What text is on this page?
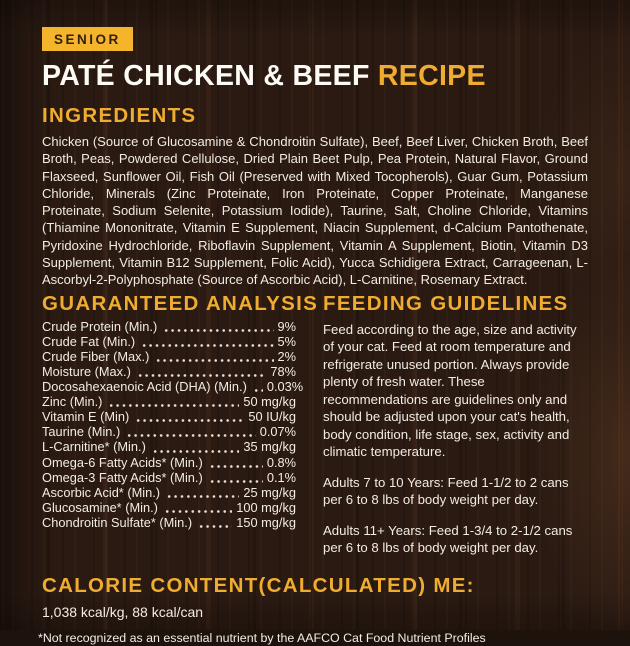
SENIOR
PATÉ CHICKEN & BEEF RECIPE
INGREDIENTS

Chicken (Source of Glucosamine & Chondroitin Sulfate), Beef, Beef Liver, Chicken Broth, Beef Broth, Peas, Powdered Cellulose, Dried Plain Beet Pulp, Pea Protein, Natural Flavor, Ground Flaxseed, Sunflower Oil, Fish Oil (Preserved with Mixed Tocopherols), Guar Gum, Potassium Chloride, Minerals (Zinc Proteinate, Iron Proteinate, Copper Proteinate, Manganese Proteinate, Sodium Selenite, Potassium Iodide), Taurine, Salt, Choline Chloride, Vitamins (Thiamine Mononitrate, Vitamin E Supplement, Niacin Supplement, d-Calcium Pantothenate, Pyridoxine Hydrochloride, Riboflavin Supplement, Vitamin A Supplement, Biotin, Vitamin D3 Supplement, Vitamin B12 Supplement, Folic Acid), Yucca Schidigera Extract, Carrageenan, L-Ascorbyl-2-Polyphosphate (Source of Ascorbic Acid), L-Carnitine, Rosemary Extract.

GUARANTEED ANALYSIS
Crude Protein (Min.)	9%
Crude Fat (Min.)	5%
Crude Fiber (Max.)	2%
Moisture (Max.)	78%
Docosahexaenoic Acid (DHA) (Min.) 0.03%
Zinc (Min.)	50 mg/kg
Vitamin E (Min)	50 IU/kg
Taurine (Min.)	0.07%
L-Carnitine* (Min.)	35 mg/kg
Omega-6 Fatty Acids* (Min.)	0.8%
Omega-3 Fatty Acids* (Min.)	0.1%
Ascorbic Acid* (Min.)	25 mg/kg
Glucosamine* (Min.)	100 mg/kg
Chondroitin Sulfate* (Min.)	150 mg/kg
FEEDING GUIDELINES

Feed according to the age, size and activity of your cat. Feed at room temperature and refrigerate unused portion. Always provide plenty of fresh water. These recommendations are guidelines only and should be adjusted upon your cat's health, body condition, life stage, sex, activity and climatic temperature.

Adults 7 to 10 Years: Feed 1-1/2 to 2 cans per 6 to 8 lbs of body weight per day.

Adults 11+ Years: Feed 1-3/4 to 2-1/2 cans per 6 to 8 lbs of body weight per day.

CALORIE CONTENT(CALCULATED) ME:

1,038 kcal/kg, 88 kcal/can

*Not recognized as an essential nutrient by the AAFCO Cat Food Nutrient Profiles
